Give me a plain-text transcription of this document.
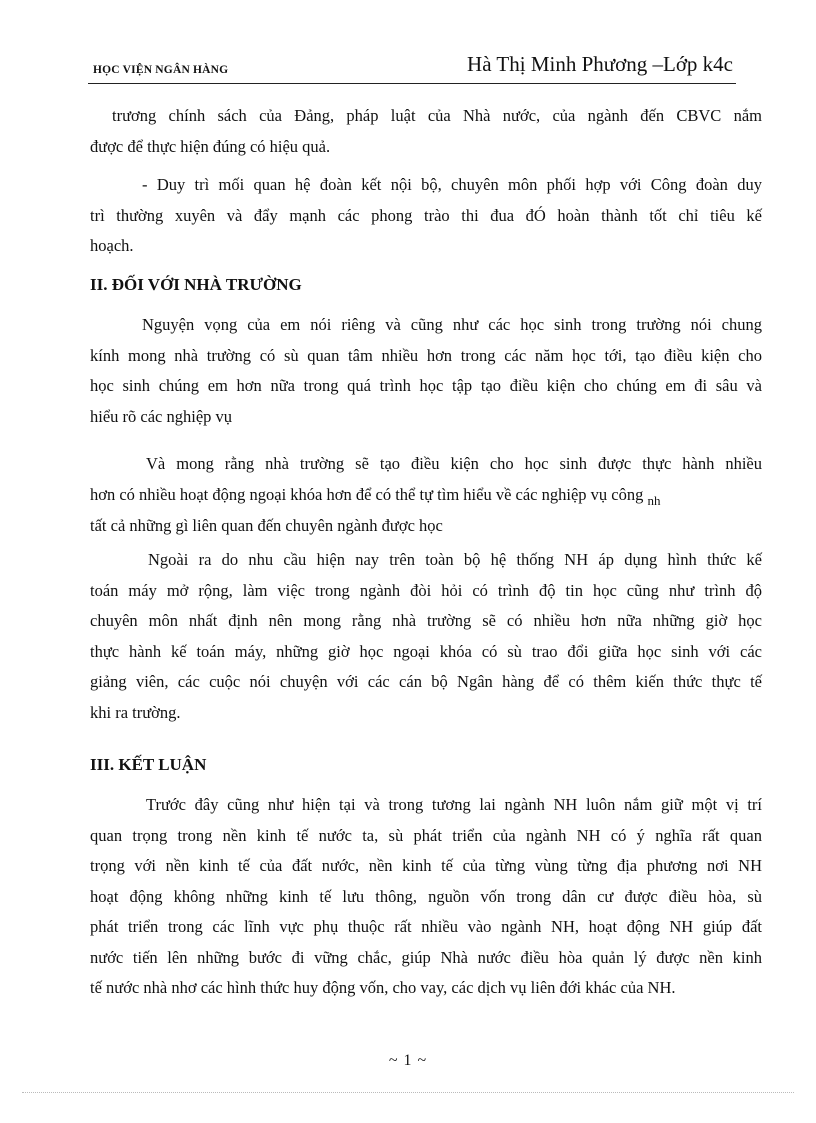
HỌC VIỆN NGÂN HÀNG	Hà Thị Minh Phương –Lớp k4c
trương chính sách của Đảng, pháp luật của Nhà nước, của ngành đến CBVC nắm
được để thực hiện đúng có hiệu quả.
- Duy trì mối quan hệ đoàn kết nội bộ, chuyên môn phối hợp với Công đoàn duy
trì thường xuyên và đẩy mạnh các phong trào thi đua đÓ hoàn thành tốt chỉ tiêu kế
hoạch.
II. ĐỐI VỚI NHÀ TRƯỜNG
Nguyện vọng của em nói riêng và cũng như các học sinh trong trường nói chung
kính mong nhà trường có sù quan tâm nhiều hơn trong các năm học tới, tạo điều kiện cho
học sinh chúng em hơn nữa trong quá trình học tập tạo điều kiện cho chúng em đi sâu và
hiểu rõ các nghiệp vụ
Và mong rằng nhà trường sẽ tạo điều kiện cho học sinh được thực hành nhiều
hơn có nhiều hoạt động ngoại khóa hơn để có thể tự tìm hiểu về các nghiệp vụ công $_{nh}$
tất cả những gì liên quan đến chuyên ngành được học
Ngoài ra do nhu cầu hiện nay trên toàn bộ hệ thống NH áp dụng hình thức kế
toán máy mở rộng, làm việc trong ngành đòi hỏi có trình độ tin học cũng như trình độ
chuyên môn nhất định nên mong rằng nhà trường sẽ có nhiều hơn nữa những giờ học
thực hành kế toán máy, những giờ học ngoại khóa có sù trao đổi giữa học sinh với các
giảng viên, các cuộc nói chuyện với các cán bộ Ngân hàng để có thêm kiến thức thực tế
khi ra trường.
III. KẾT LUẬN
Trước đây cũng như hiện tại và trong tương lai ngành NH luôn nắm giữ một vị trí
quan trọng trong nền kinh tế nước ta, sù phát triển của ngành NH có ý nghĩa rất quan
trọng với nền kinh tế của đất nước, nền kinh tế của từng vùng từng địa phương nơi NH
hoạt động không những kinh tế lưu thông, nguồn vốn trong dân cư được điều hòa, sù
phát triển trong các lĩnh vực phụ thuộc rất nhiều vào ngành NH, hoạt động NH giúp đất
nước tiến lên những bước đi vững chắc, giúp Nhà nước điều hòa quản lý được nền kinh
tế nước nhà nhơ các hình thức huy động vốn, cho vay, các dịch vụ liên đới khác của NH.
~ 1 ~
